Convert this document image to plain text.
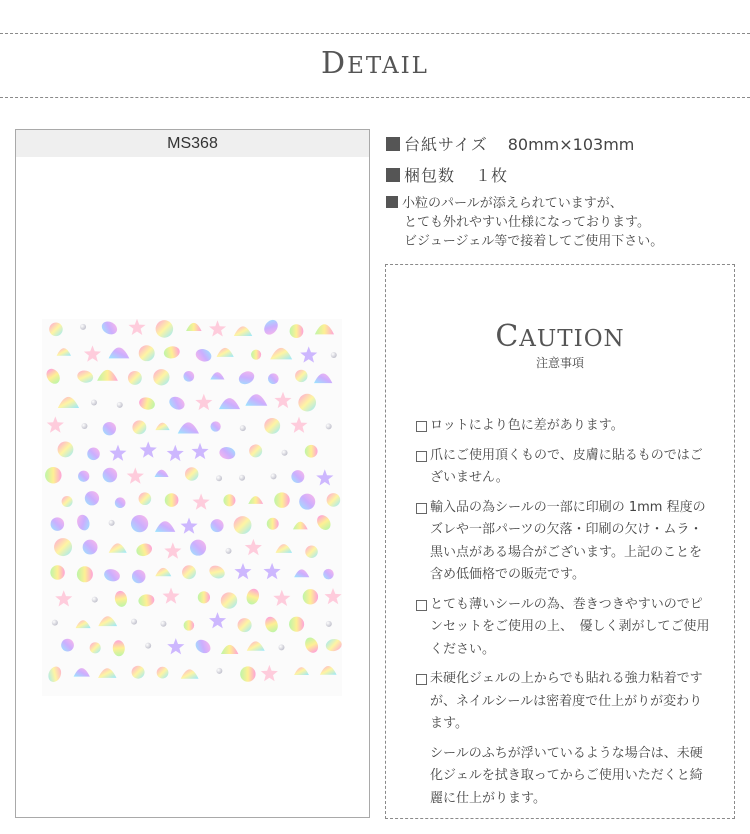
DETAIL
MS368	台紙サイズ 80mm×103mm
梱包数 １枚
小粒のパールが添えられていますが、
とても外れやすい仕様になっております。
ビジュージェル等で接着してご使用下さい。
CAUTION
注意事項
ロットにより色に差があります。
爪にご使用頂くもので、皮膚に貼るものではございません。
輸入品の為シールの一部に印刷の 1mm 程度のズレや一部パーツの欠落・印刷の欠け・ムラ・黒い点がある場合がございます。上記のことを含め低価格での販売です。
とても薄いシールの為、巻きつきやすいのでピンセットをご使用の上、　優しく剥がしてご使用ください。
未硬化ジェルの上からでも貼れる強力粘着ですが、ネイルシールは密着度で仕上がりが変わります。
シールのふちが浮いているような場合は、未硬化ジェルを拭き取ってからご使用いただくと綺麗に仕上がります。
